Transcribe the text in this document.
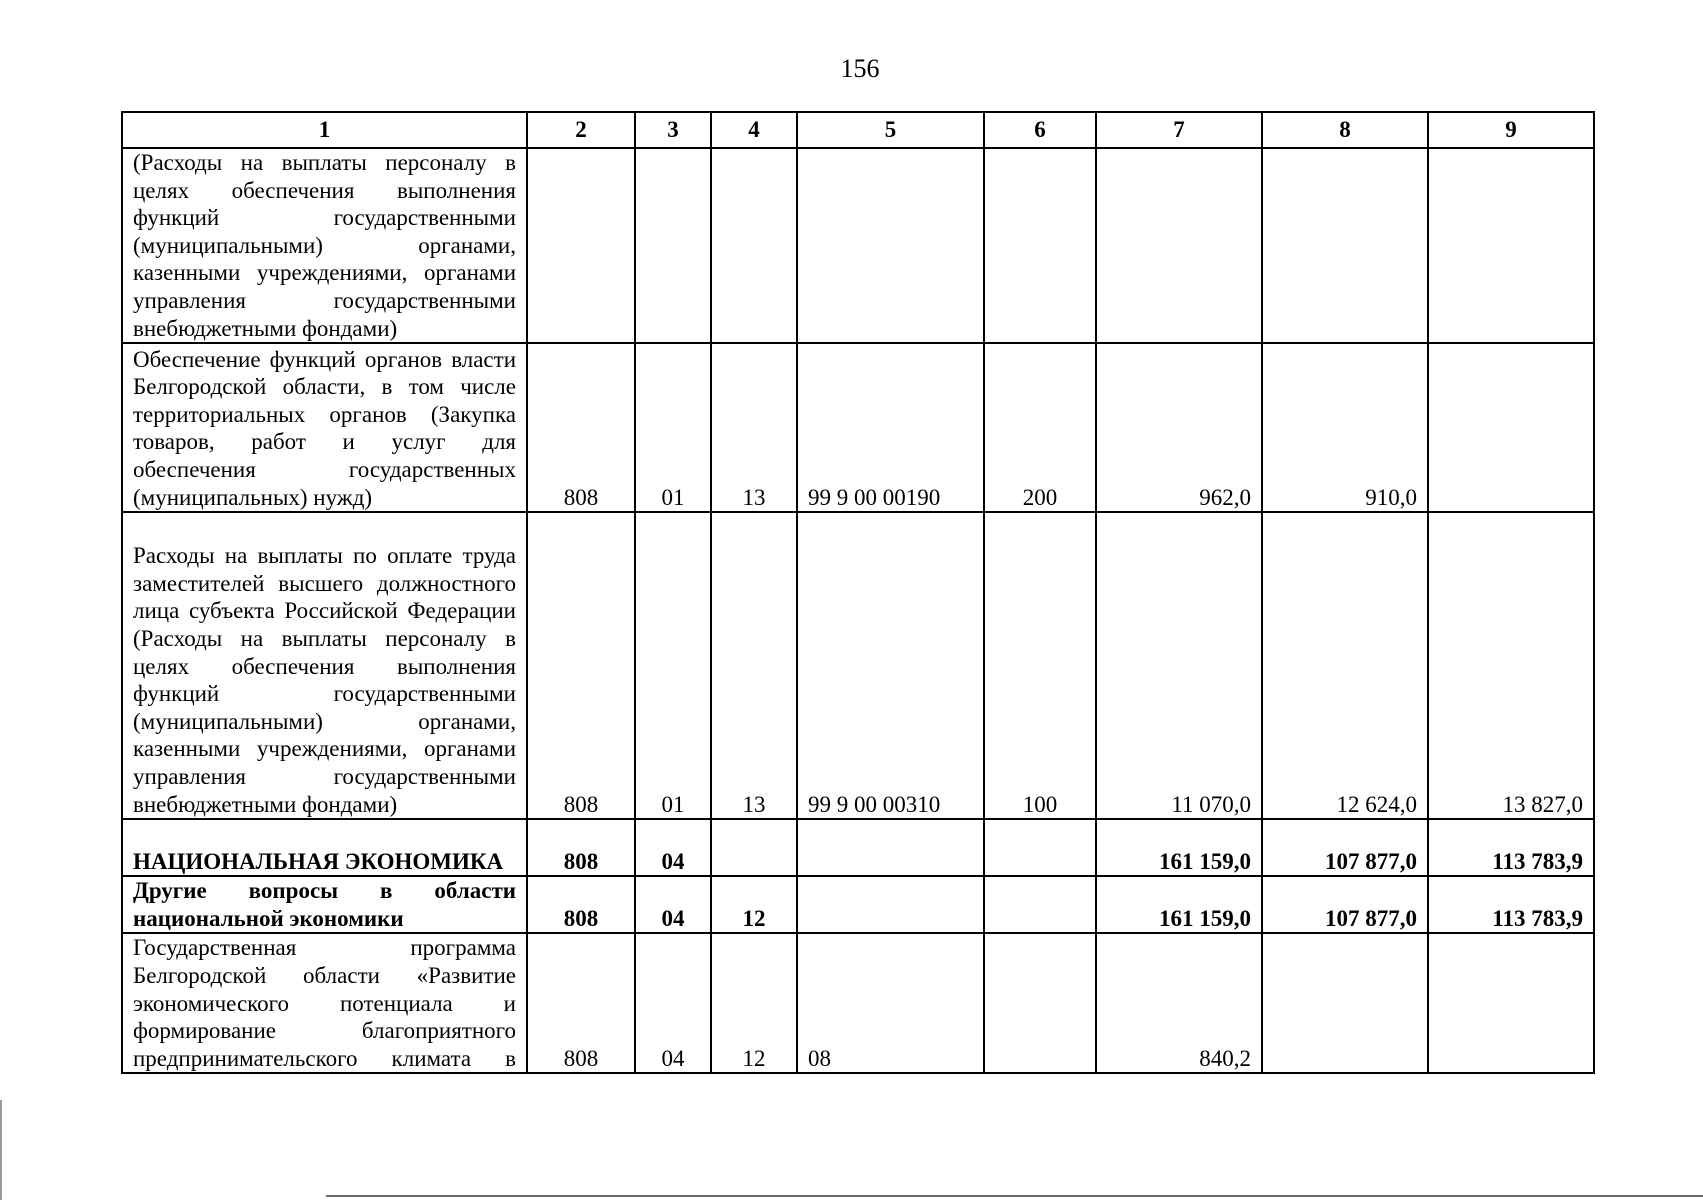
156
1	2	3	4	5	6	7	8	9
(Расходы на выплаты персоналу в целях обеспечения выполнения функций государственными (муниципальными) органами, казенными учреждениями, органами управления государственными внебюджетными фондами)								
Обеспечение функций органов власти Белгородской области, в том числе территориальных органов (Закупка товаров, работ и услуг для обеспечения государственных (муниципальных) нужд)	808	01	13	99 9 00 00190	200	962,0	910,0	
Расходы на выплаты по оплате труда заместителей высшего должностного лица субъекта Российской Федерации (Расходы на выплаты персоналу в целях обеспечения выполнения функций государственными (муниципальными) органами, казенными учреждениями, органами управления государственными внебюджетными фондами)	808	01	13	99 9 00 00310	100	11 070,0	12 624,0	13 827,0
НАЦИОНАЛЬНАЯ ЭКОНОМИКА	808	04				161 159,0	107 877,0	113 783,9
Другие вопросы в области национальной экономики	808	04	12			161 159,0	107 877,0	113 783,9
Государственная программа Белгородской области «Развитие экономического потенциала и формирование благоприятного предпринимательского климата в	808	04	12	08		840,2		
